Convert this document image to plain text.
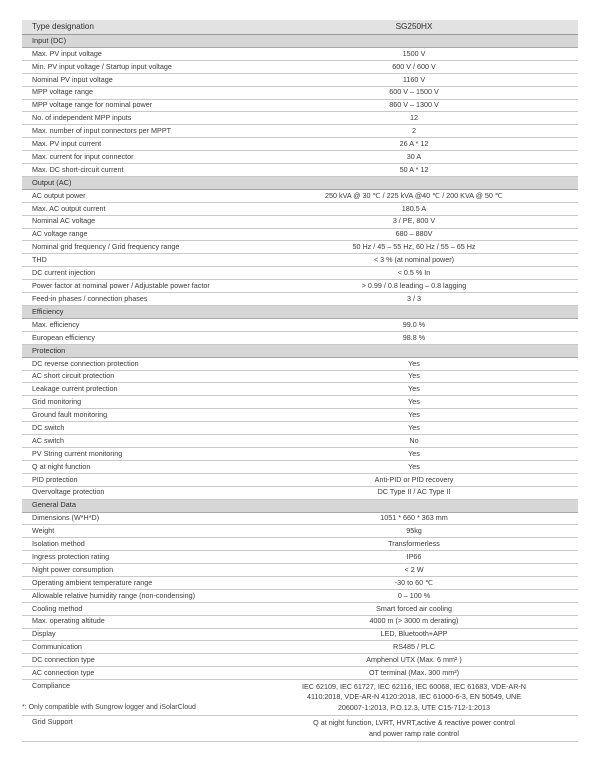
Type designation	SG250HX
Input (DC)	
Max. PV input voltage	1500 V
Min. PV input voltage / Startup input voltage	600 V / 600 V
Nominal PV input voltage	1160 V
MPP voltage range	600 V – 1500 V
MPP voltage range for nominal power	860 V – 1300 V
No. of independent MPP inputs	12
Max. number of input connectors per MPPT	2
Max. PV input current	26 A * 12
Max. current for input connector	30 A
Max. DC short-circuit current	50 A * 12
Output (AC)	
AC output power	250 kVA @ 30 ℃ / 225 kVA @40 ℃ / 200 KVA @ 50 ℃
Max. AC output current	180.5 A
Nominal AC voltage	3 / PE, 800 V
AC voltage range	680 – 880V
Nominal grid frequency / Grid frequency range	50 Hz / 45 – 55 Hz, 60 Hz / 55 – 65 Hz
THD	< 3 % (at nominal power)
DC current injection	< 0.5 % In
Power factor at nominal power / Adjustable power factor	> 0.99 / 0.8 leading – 0.8 lagging
Feed-in phases / connection phases	3 / 3
Efficiency	
Max. efficiency	99.0 %
European efficiency	98.8 %
Protection	
DC reverse connection protection	Yes
AC short circuit protection	Yes
Leakage current protection	Yes
Grid monitoring	Yes
Ground fault monitoring	Yes
DC switch	Yes
AC switch	No
PV String current monitoring	Yes
Q at night function	Yes
PID protection	Anti-PID or PID recovery
Overvoltage protection	DC Type II / AC Type II
General Data	
Dimensions (W*H*D)	1051 * 660 * 363 mm
Weight	95kg
Isolation method	Transformerless
Ingress protection rating	IP66
Night power consumption	< 2 W
Operating ambient temperature range	-30 to 60 ℃
Allowable relative humidity range (non-condensing)	0 – 100 %
Cooling method	Smart forced air cooling
Max. operating altitude	4000 m (> 3000 m derating)
Display	LED, Bluetooth+APP
Communication	RS485 / PLC
DC connection type	Amphenol UTX (Max. 6 mm² )
AC connection type	OT terminal (Max. 300 mm²)
Compliance	IEC 62109, IEC 61727, IEC 62116, IEC 60068, IEC 61683, VDE-AR-N
4110:2018, VDE-AR-N 4120:2018, IEC 61000-6-3, EN 50549, UNE
206007-1:2013, P.O.12.3, UTE C15-712-1:2013

Grid Support	Q at night function, LVRT, HVRT,active & reactive power control
and power ramp rate control
*: Only compatible with Sungrow logger and iSolarCloud
